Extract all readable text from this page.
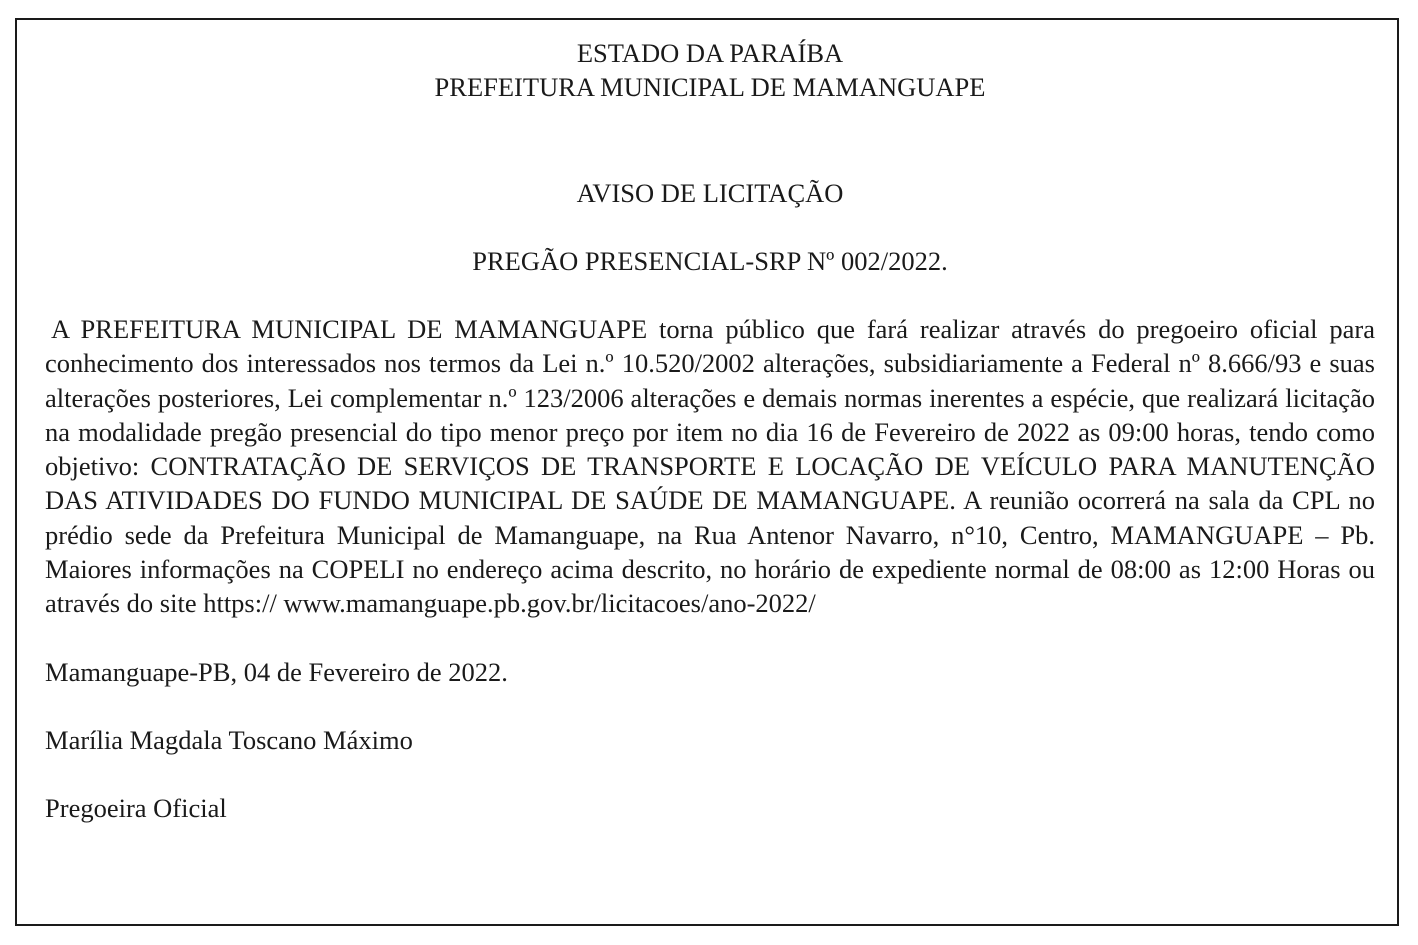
ESTADO DA PARAÍBA

PREFEITURA MUNICIPAL DE MAMANGUAPE

AVISO DE LICITAÇÃO

PREGÃO PRESENCIAL-SRP Nº 002/2022.

A PREFEITURA MUNICIPAL DE MAMANGUAPE torna público que fará realizar através do pregoeiro oficial para conhecimento dos interessados nos termos da Lei n.º 10.520/2002 alterações, subsidiariamente a Federal nº 8.666/93 e suas alterações posteriores, Lei complementar n.º 123/2006 alterações e demais normas inerentes a espécie, que realizará licitação na modalidade pregão presencial do tipo menor preço por item no dia 16 de Fevereiro de 2022 as 09:00 horas, tendo como objetivo: CONTRATAÇÃO DE SERVIÇOS DE TRANSPORTE E LOCAÇÃO DE VEÍCULO PARA MANUTENÇÃO DAS ATIVIDADES DO FUNDO MUNICIPAL DE SAÚDE DE MAMANGUAPE. A reunião ocorrerá na sala da CPL no prédio sede da Prefeitura Municipal de Mamanguape, na Rua Antenor Navarro, n°10, Centro, MAMANGUAPE – Pb. Maiores informações na COPELI no endereço acima descrito, no horário de expediente normal de 08:00 as 12:00 Horas ou através do site https:// www.mamanguape.pb.gov.br/licitacoes/ano-2022/

Mamanguape-PB, 04 de Fevereiro de 2022.

Marília Magdala Toscano Máximo

Pregoeira Oficial
